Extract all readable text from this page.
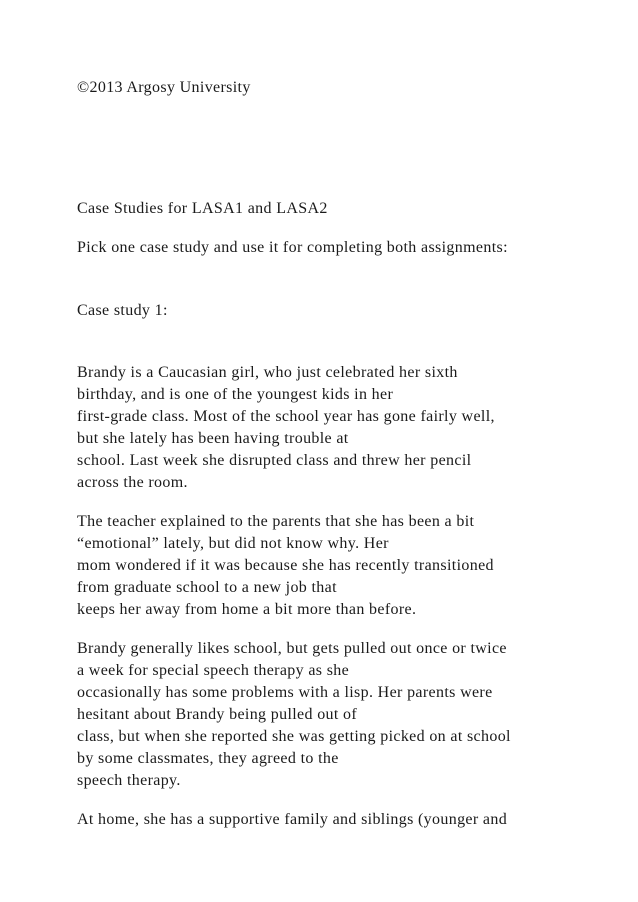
©2013 Argosy University
Case Studies for LASA1 and LASA2
Pick one case study and use it for completing both assignments:
Case study 1:
Brandy is a Caucasian girl, who just celebrated her sixth
birthday, and is one of the youngest kids in her
first-grade class. Most of the school year has gone fairly well,
but she lately has been having trouble at
school. Last week she disrupted class and threw her pencil
across the room.
The teacher explained to the parents that she has been a bit
“emotional” lately, but did not know why. Her
mom wondered if it was because she has recently transitioned
from graduate school to a new job that
keeps her away from home a bit more than before.
Brandy generally likes school, but gets pulled out once or twice
a week for special speech therapy as she
occasionally has some problems with a lisp. Her parents were
hesitant about Brandy being pulled out of
class, but when she reported she was getting picked on at school
by some classmates, they agreed to the
speech therapy.
At home, she has a supportive family and siblings (younger and
